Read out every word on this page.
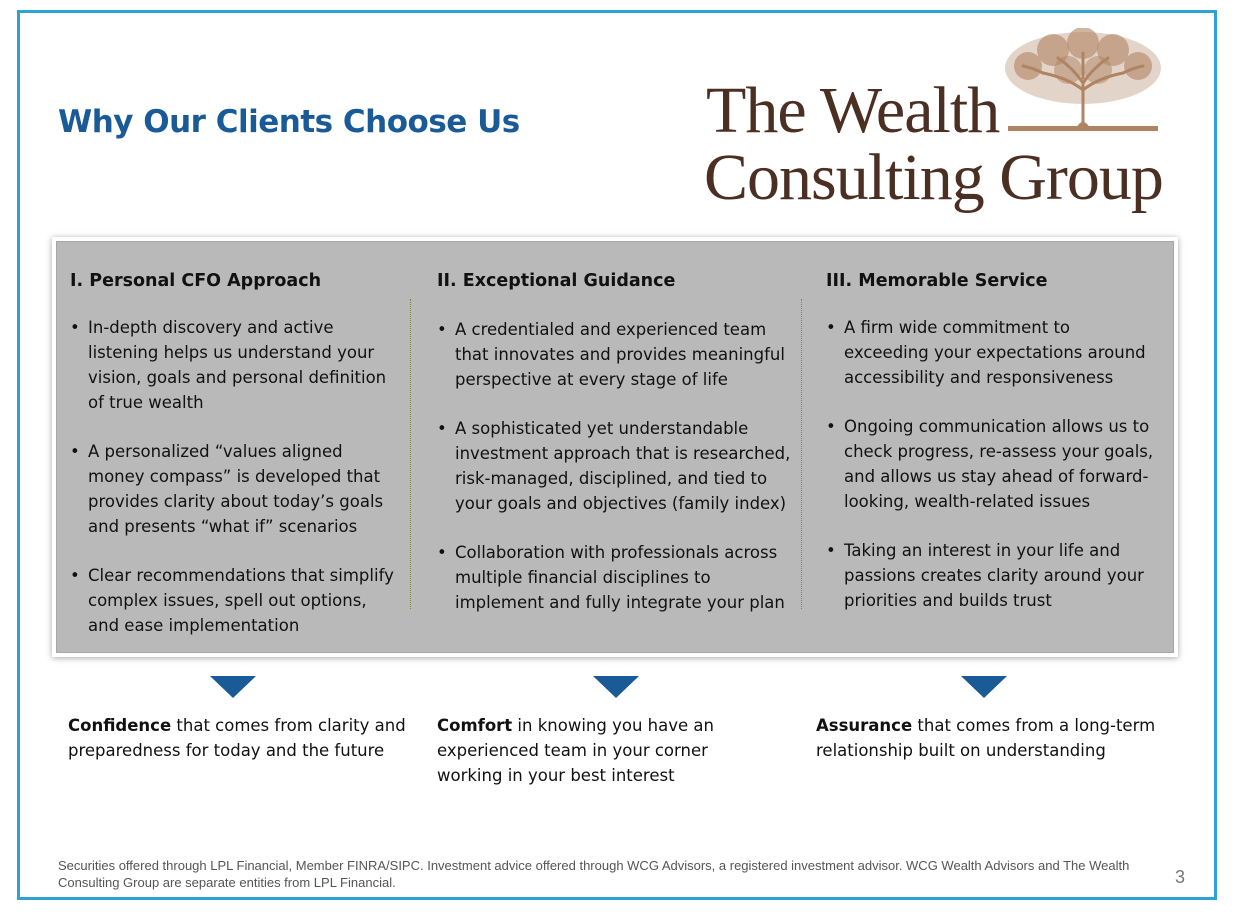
Why Our Clients Choose Us	The Wealth
Consulting Group
I. Personal CFO Approach
• In-depth discovery and active listening helps us understand your vision, goals and personal definition of true wealth
• A personalized “values aligned money compass” is developed that provides clarity about today’s goals and presents “what if” scenarios
• Clear recommendations that simplify complex issues, spell out options, and ease implementation
II. Exceptional Guidance
• A credentialed and experienced team that innovates and provides meaningful perspective at every stage of life
• A sophisticated yet understandable investment approach that is researched, risk-managed, disciplined, and tied to your goals and objectives (family index)
• Collaboration with professionals across multiple financial disciplines to implement and fully integrate your plan
III. Memorable Service
• A firm wide commitment to exceeding your expectations around accessibility and responsiveness
• Ongoing communication allows us to check progress, re-assess your goals, and allows us stay ahead of forward-looking, wealth-related issues
• Taking an interest in your life and passions creates clarity around your priorities and builds trust
Confidence that comes from clarity and preparedness for today and the future
Comfort in knowing you have an experienced team in your corner working in your best interest
Assurance that comes from a long-term relationship built on understanding
Securities offered through LPL Financial, Member FINRA/SIPC. Investment advice offered through WCG Advisors, a registered investment advisor. WCG Wealth Advisors and The Wealth Consulting Group are separate entities from LPL Financial.	3
